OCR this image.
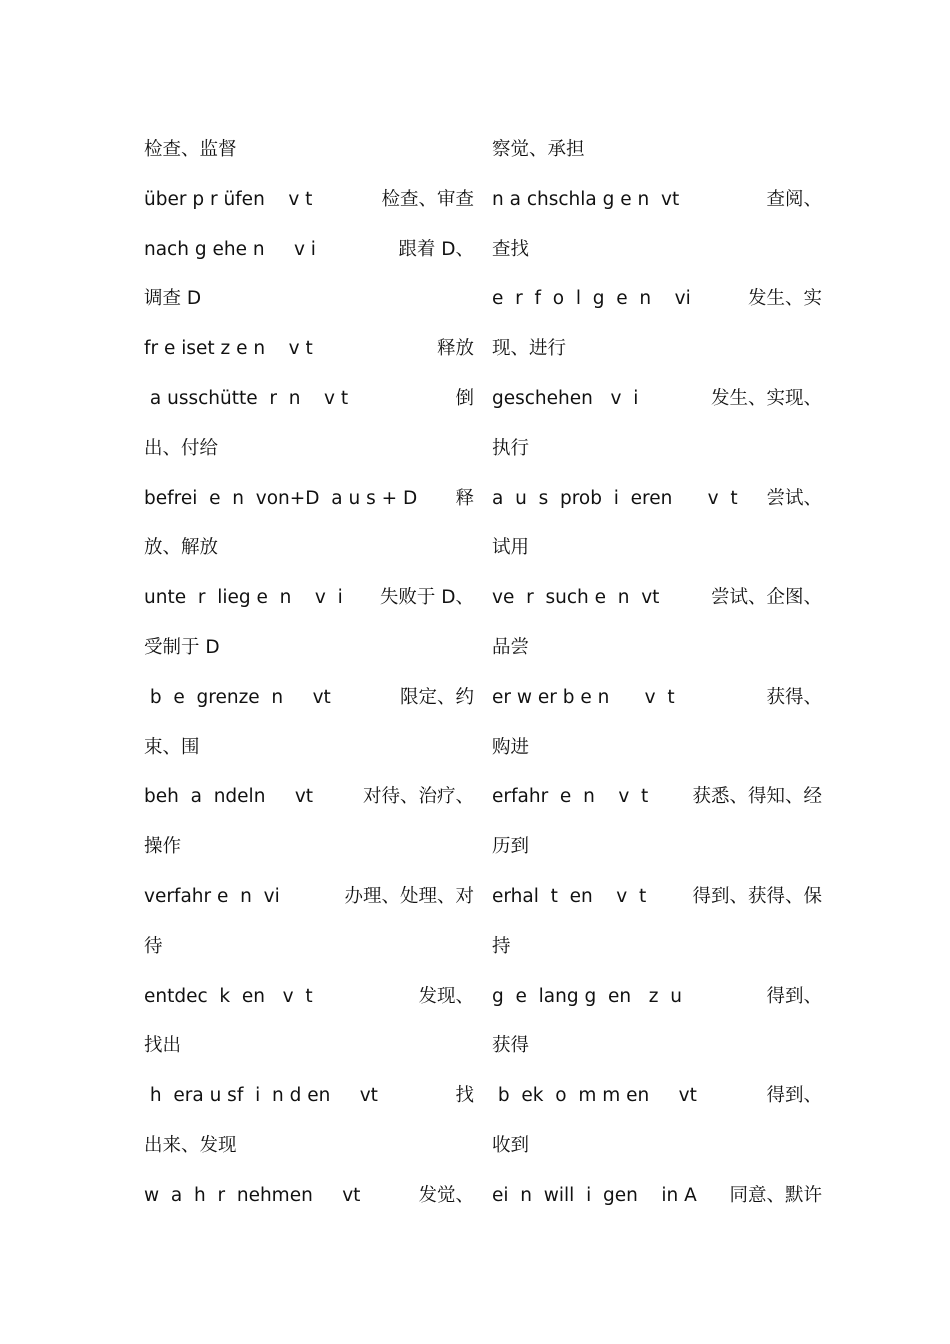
检查、监督
über p r üfen v t	检查、审查
nach g ehe n v i	跟着 D、
调查 D
fr e iset z e n v t	释放
a usschütte  r  n v t	倒
出、付给
befrei  e  n von+D  a u s + D 释
放、解放
unte  r  lieg e  n v  i 失败于 D、
受制于 D
b  e  grenze  n vt	限定、约
束、围
beh  a  ndeln vt	对待、治疗、
操作
verfahr e  n vi	办理、处理、对
待
entdec  k  en v  t	发现、
找出
h  era u sf  i  n d en vt	找
出来、发现
w  a  h  r  nehmen vt	发觉、
察觉、承担
n a chschla g e n vt	查阅、
查找
e  r  f  o  l  g  e  n vi	发生、实
现、进行
geschehen v  i	发生、实现、
执行
a  u  s  prob  i  eren v  t 尝试、
试用
ve  r  such e  n vt	尝试、企图、
品尝
er w er b e n v  t	获得、
购进
erfahr  e  n v  t 获悉、得知、经
历到
erhal  t  en v  t 得到、获得、保
持
g  e  lang g  en z  u	得到、
获得
b  ek  o  m m en vt	得到、
收到
ei  n  will  i  gen in A 同意、默许
